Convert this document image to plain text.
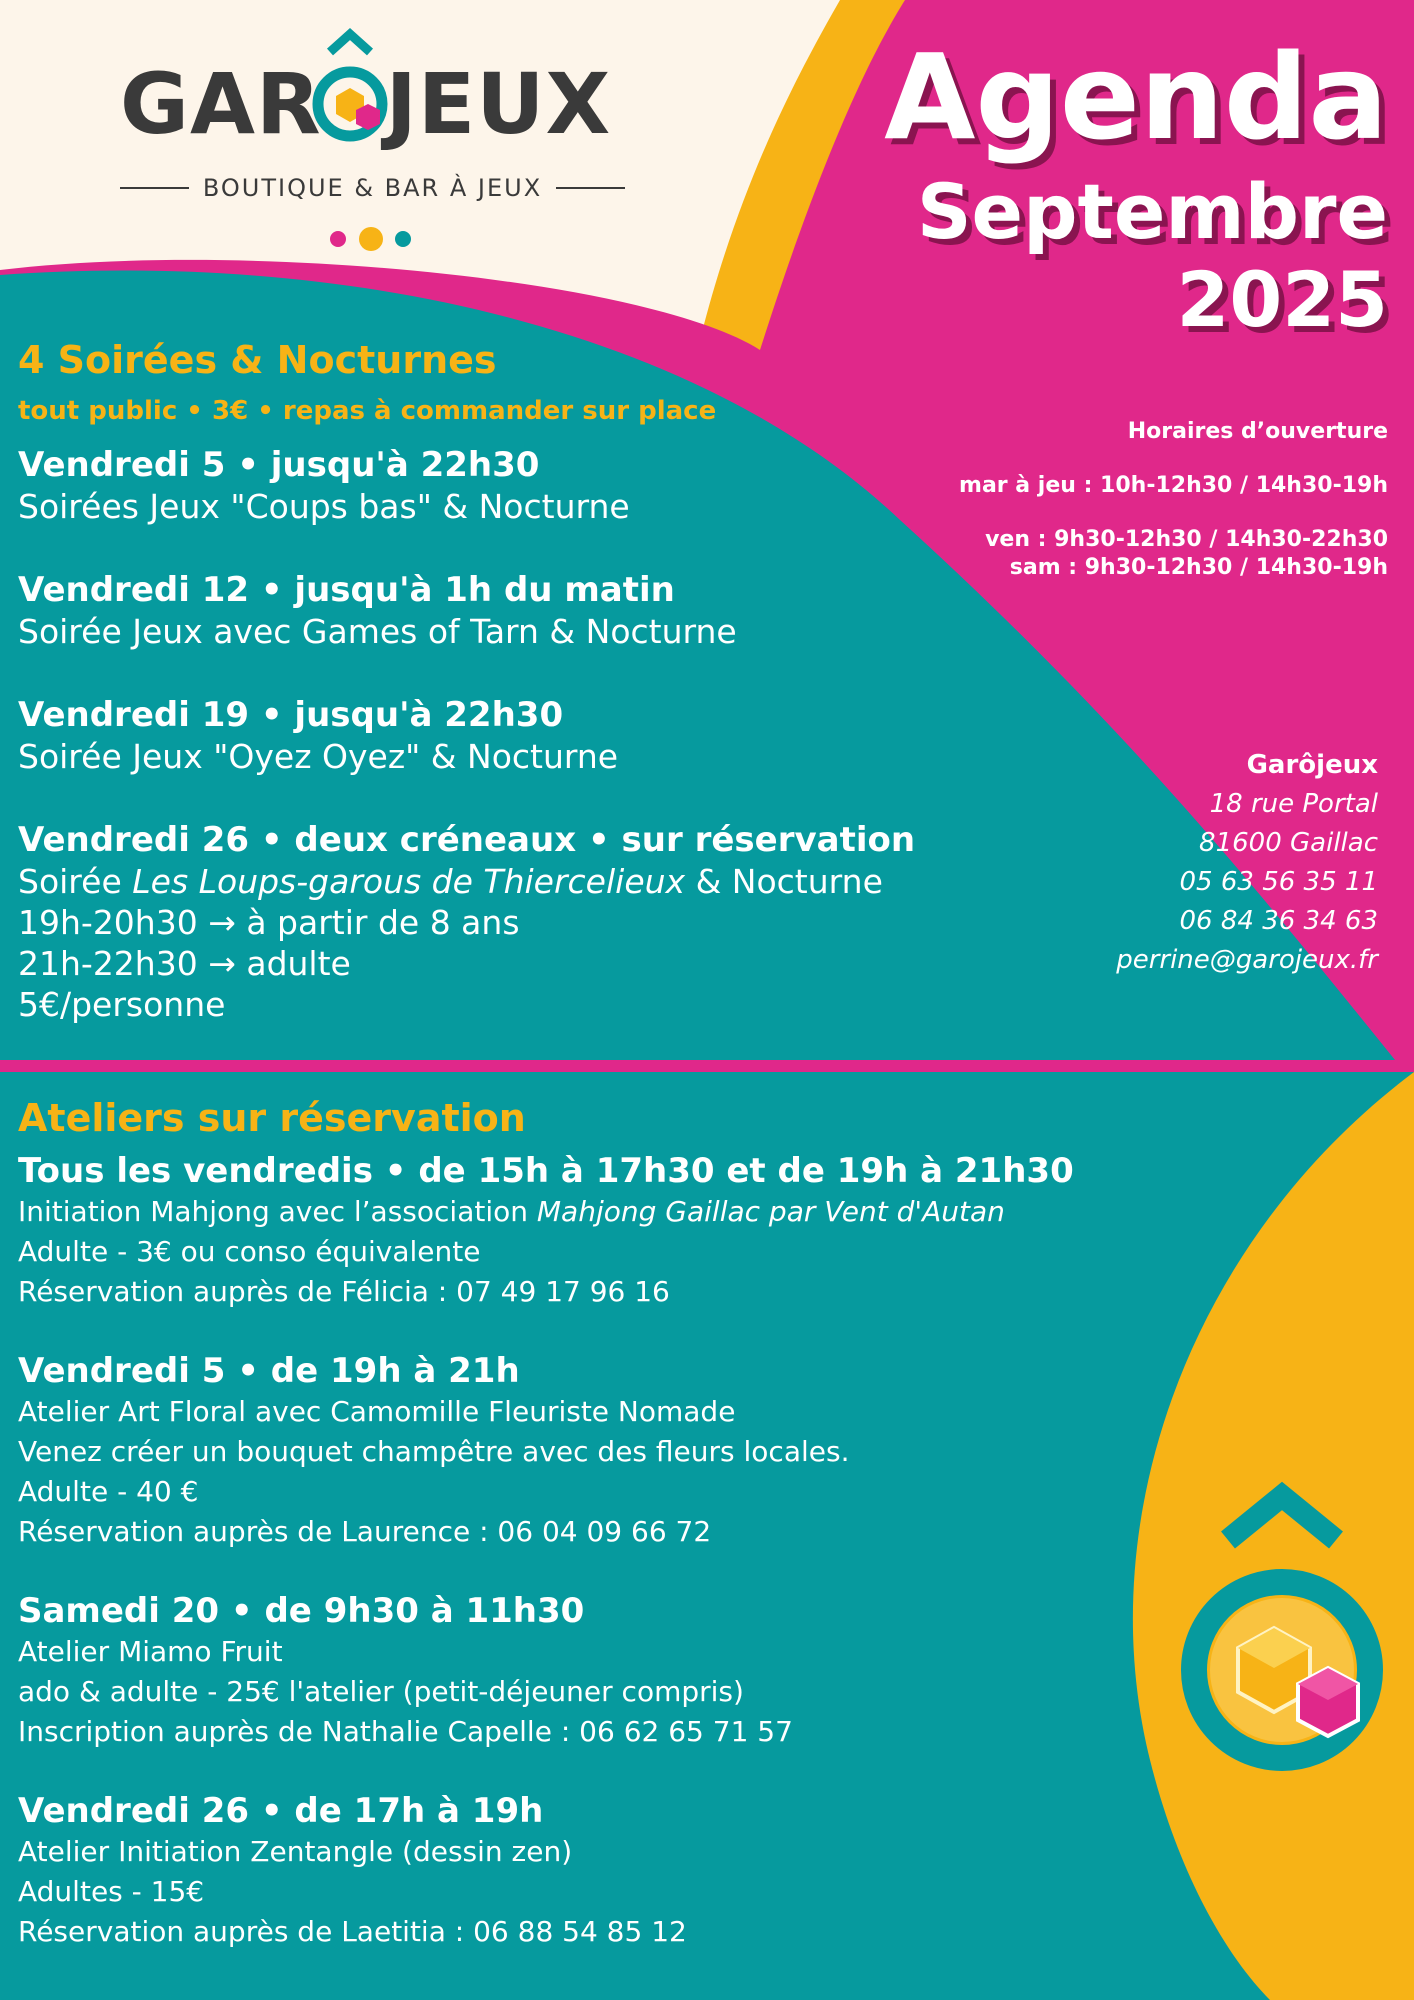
GAR JEUX
BOUTIQUE & BAR À JEUX
Agenda
Septembre
2025
Horaires d’ouverture
mar à jeu : 10h-12h30 / 14h30-19h
ven : 9h30-12h30 / 14h30-22h30
sam : 9h30-12h30 / 14h30-19h
Garôjeux
18 rue Portal
81600 Gaillac
05 63 56 35 11
06 84 36 34 63
perrine@garojeux.fr
4 Soirées & Nocturnes
tout public • 3€ • repas à commander sur place
Vendredi 5 • jusqu'à 22h30
Soirées Jeux "Coups bas" & Nocturne
Vendredi 12 • jusqu'à 1h du matin
Soirée Jeux avec Games of Tarn & Nocturne
Vendredi 19 • jusqu'à 22h30
Soirée Jeux "Oyez Oyez" & Nocturne
Vendredi 26 • deux créneaux • sur réservation
Soirée Les Loups-garous de Thiercelieux & Nocturne
19h-20h30 → à partir de 8 ans
21h-22h30 → adulte
5€/personne
Ateliers sur réservation
Tous les vendredis • de 15h à 17h30 et de 19h à 21h30
Initiation Mahjong avec l’association Mahjong Gaillac par Vent d'Autan
Adulte - 3€ ou conso équivalente
Réservation auprès de Félicia : 07 49 17 96 16
Vendredi 5 • de 19h à 21h
Atelier Art Floral avec Camomille Fleuriste Nomade
Venez créer un bouquet champêtre avec des fleurs locales.
Adulte - 40 €
Réservation auprès de Laurence : 06 04 09 66 72
Samedi 20 • de 9h30 à 11h30
Atelier Miamo Fruit
ado & adulte - 25€ l'atelier (petit-déjeuner compris)
Inscription auprès de Nathalie Capelle : 06 62 65 71 57
Vendredi 26 • de 17h à 19h
Atelier Initiation Zentangle (dessin zen)
Adultes - 15€
Réservation auprès de Laetitia : 06 88 54 85 12
